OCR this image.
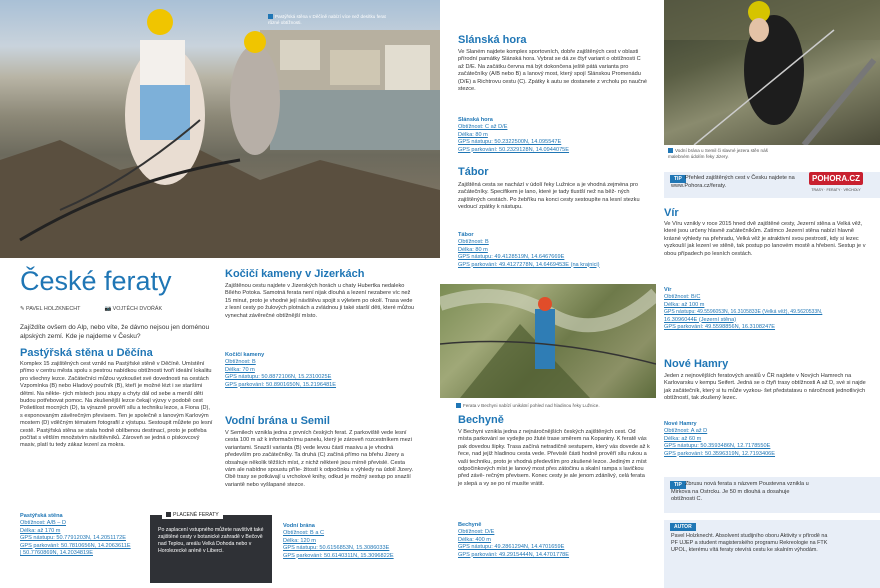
Pastýřská stěna v Děčíně nabízí více než desítku ferat různé obtížnosti.
České feraty
✎ PAVEL HOLZKNECHT	📷 VOJTĚCH DVOŘÁK
Zajíždíte ovšem do Alp, nebo víte, že dávno nejsou jen doménou alpských zemí. Kde je najdeme v Česku?
Pastýřská stěna u Děčína
Komplex 15 zajištěných cest vznikl na Pastýřské stěně v Děčíně. Umístění přímo v centru města spolu s pestrou nabídkou obtížnosti tvoří ideální lokalitu pro všechny lezce. Začátečníci můžou vyzkoušet své dovednosti na cestách Vzpomínka (B) nebo Hladový pouťník (B), kteří je možné lézt i se staršími dětmi. Na někte- rých místech jsou stupy a chyty dál od sebe a menší děti budou potřebovat pomoc. Na zkušenější lezce čekají výzvy v podobě cest Pošetilost mocných (D), ta výrazně prověří sílu a techniku lezce, a Fiona (D), s exponovaným závěrečným převisem. Ten je společně s lanovým Karlovým mostem (D) vděčným tématem fotografií z výstupu. Sestoupit můžete po lesní cestě. Pastýřská stěna se stala hodně oblíbenou destinací, proto je potřeba počítat s větším množstvím návštěvníků. Zároveň se jedná o pískovcový masiv, platí tu tedy zákaz lezení za mokra.
Pastýřská stěna
Obtížnost: A/B – D
Délka: až 170 m
GPS nástupu: 50.7791203N, 14.2051172E
GPS parkování: 50.7810656N, 14.2063611E
| 50.7760869N, 14.2034819E
Kočičí kameny v Jizerkách
Zajištěnou cestu najdete v Jizerských horách u chaty Hubertka nedaleko Bílého Potoka. Samotná ferata není nijak dlouhá a lezení nezabere víc než 15 minut, proto je vhodné její návštěvu spojit s výletem po okolí. Trasa vede z lesní cesty po žulových plotnách a zvládnou ji také starší děti, které můžou vynechat závěrečné obtížnější místo.
Kočičí kameny
Obtížnost: B
Délka: 70 m
GPS nástupu: 50.8872106N, 15.2310025E
GPS parkování: 50.8901650N, 15.2196481E
Vodní brána u Semil
V Semilech vznikla jedna z prvních českých ferat. Z parkoviště vede lesní cesta 100 m až k informačnímu panelu, který je zároveň rozcestníkem mezi variantami. Snazší varianta (B) vede levou částí masivu a je vhodná především pro začátečníky. Ta druhá (C) začíná přímo na břehu Jizery a obsahuje několik těžších míst, z nichž některé jsou mírně převislé. Cesta vám ale nabídne spoustu příle- žitostí k odpočinku s výhledy na údolí Jizery. Obě trasy se potkávají u vrcholové knihy, odkud je možný sestup po snazší variantě nebo vyšlapané stezce.
PLACENÉ FERATY
Po zaplacení vstupného můžete navštívit také zajištěné cesty v botanické zahradě v Bečově nad Teplou, areálu Velká Dohoda nebo v Horolezecké aréně v Liberci.
Vodní brána
Obtížnost: B a C
Délka: 120 m
GPS nástupu: 50.6156853N, 15.3086033E
GPS parkování: 50.6140311N, 15.3096822E
Slánská hora
Ve Slaném najdete komplex sportovních, dobře zajištěných cest v oblasti přírodní památky Slánská hora. Vybrat se dá ze čtyř variant o obtížnosti C až D/E. Na začátku června má být dokončena ještě pátá varianta pro začátečníky (A/B nebo B) a lanový most, který spojí Slánskou Promenádu (D/E) a Richtrovu cestu (C). Zpátky k autu se dostanete z vrcholu po naučné stezce.
Slánská hora
Obtížnost: C až D/E
Délka: 80 m
GPS nástupu: 50.2322500N, 14.095547E
GPS parkování: 50.2329128N, 14.0944075E
Tábor
Zajištěná cesta se nachází v údolí řeky Lužnice a je vhodná zejména pro začátečníky. Specifikem je lano, které je tady tlustší než na běž- ných zajištěných cestách. Po žebříku na konci cesty sestoupíte na lesní stezku vedoucí zpátky k nástupu.
Tábor
Obtížnost: B
Délka: 80 m
GPS nástupu: 49.4128519N, 14.6467669E
GPS parkování: 49.4127278N, 14.6469453E (na krajnici)
Ferata v Bechyni nabízí unikátní pohled nad hladinou řeky Lužnice.
Bechyně
V Bechyni vznikla jedna z nejnáročnějších českých zajištěných cest. Od místa parkování se vydejte po žluté trase směrem na Kopaniny. K feratě vás pak dovedou šipky. Trasa začíná netradičně sestupem, který vás dovede až k řece, nad jejíž hladinou cesta vede. Převislé části hodně prověří sílu rukou a vaši techniku, proto je vhodná především pro zkušené lezce. Jediným z míst odpočinkových míst je lanový most přes zátočinu a skalní rampa s lavičkou před závě- rečným převisem. Konec cesty je ale jenom zdánlivý, celá ferata je slepá a vy se po ní musíte vrátit.
Bechyně
Obtížnost: D/E
Délka: 400 m
GPS nástupu: 49.2861294N, 14.4701659E
GPS parkování: 49.2915444N, 14.4701778E
Vodní brána u Semil či slavné jezera stěn náš malebném údolím řeky Jizery.
TIP Přehled zajištěných cest v Česku najdete na www.Pohora.cz/feraty.
POHORA.CZ
TRASY · FERATY · VRCHOLY
Vír
Ve Víru vznikly v roce 2015 hned dvě zajištěné cesty, Jezerní stěna a Velká věž, které jsou určeny hlavně začátečníkům. Zatímco Jezerní stěna nabízí hlavně krásné výhledy na přehradu, Velká věž je atraktivní svou pestrostí, kdy si lezec vyzkouší jak lezení ve stěně, tak postup po lanovém mostě a hřebeni. Sestup je v obou případech po lesních cestách.
Vír
Obtížnost: B/C
Délka: až 100 m
GPS nástupu: 49.5596053N, 16.3105833E (Velká věž), 49.5620533N,
16.3096044E (Jezerní stěna)
GPS parkování: 49.5598856N, 16.3108247E
Nové Hamry
Jeden z nejnovějších feratových areálů v ČR najdete v Nových Hamrech na Karlovarsku v kempu Seifert. Jedná se o čtyři trasy obtížnosti A až D, své si najde jak začátečník, který si tu může vyzkou- šet předstatavu o náročnosti jednotlivých obtížností, tak zkušený lezec.
Nové Hamry
Obtížnost: A až D
Délka: až 60 m
GPS nástupu: 50.3593486N, 12.7178550E
GPS parkování: 50.3596319N, 12.7193406E
TIP Zbrusu nová ferata s názvem Poustevna vznikla u Mirkova na Ostrcku. Je 50 m dlouhá a dosahuje obtížnosti C.
AUTOR
Pavel Holzknecht. Absolvent studijního oboru Aktivity v přírodě na PF UJEP a student magisterského programu Rekreologie na FTK UPOL, kterému vítá feraty otevírá cestu ke skalním výhodám.
